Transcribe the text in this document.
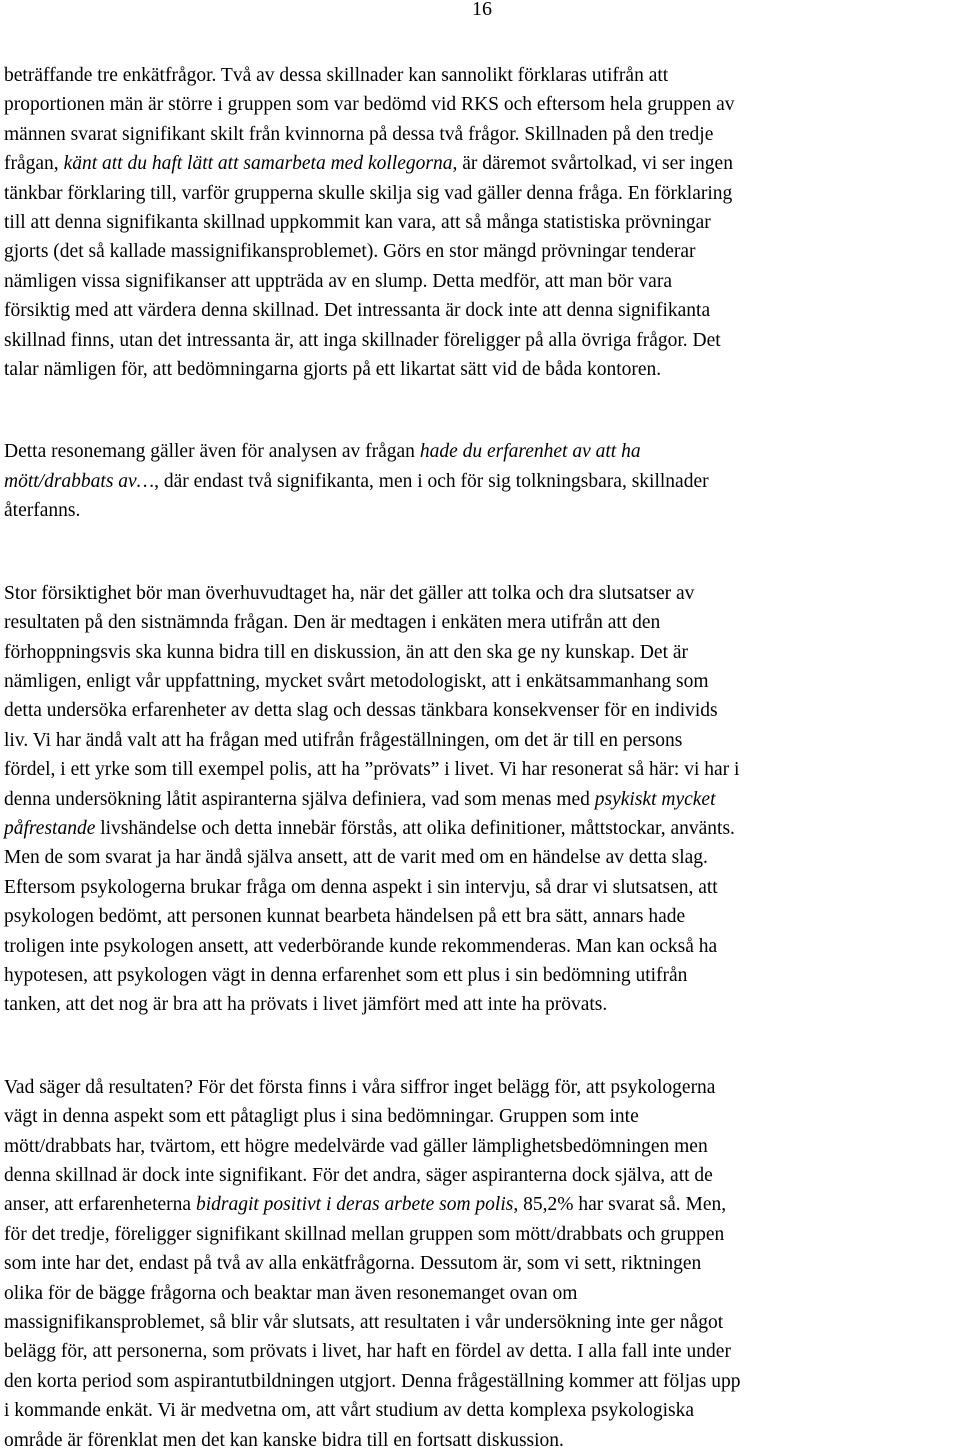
16

beträffande tre enkätfrågor. Två av dessa skillnader kan sannolikt förklaras utifrån att
proportionen män är större i gruppen som var bedömd vid RKS och eftersom hela gruppen av
männen svarat signifikant skilt från kvinnorna på dessa två frågor. Skillnaden på den tredje
frågan, känt att du haft lätt att samarbeta med kollegorna, är däremot svårtolkad, vi ser ingen
tänkbar förklaring till, varför grupperna skulle skilja sig vad gäller denna fråga. En förklaring
till att denna signifikanta skillnad uppkommit kan vara, att så många statistiska prövningar
gjorts (det så kallade massignifikansproblemet). Görs en stor mängd prövningar tenderar
nämligen vissa signifikanser att uppträda av en slump. Detta medför, att man bör vara
försiktig med att värdera denna skillnad. Det intressanta är dock inte att denna signifikanta
skillnad finns, utan det intressanta är, att inga skillnader föreligger på alla övriga frågor. Det
talar nämligen för, att bedömningarna gjorts på ett likartat sätt vid de båda kontoren.

Detta resonemang gäller även för analysen av frågan hade du erfarenhet av att ha
mött/drabbats av…, där endast två signifikanta, men i och för sig tolkningsbara, skillnader
återfanns.

Stor försiktighet bör man överhuvudtaget ha, när det gäller att tolka och dra slutsatser av
resultaten på den sistnämnda frågan. Den är medtagen i enkäten mera utifrån att den
förhoppningsvis ska kunna bidra till en diskussion, än att den ska ge ny kunskap. Det är
nämligen, enligt vår uppfattning, mycket svårt metodologiskt, att i enkätsammanhang som
detta undersöka erfarenheter av detta slag och dessas tänkbara konsekvenser för en individs
liv. Vi har ändå valt att ha frågan med utifrån frågeställningen, om det är till en persons
fördel, i ett yrke som till exempel polis, att ha ”prövats” i livet. Vi har resonerat så här: vi har i
denna undersökning låtit aspiranterna själva definiera, vad som menas med psykiskt mycket
påfrestande livshändelse och detta innebär förstås, att olika definitioner, måttstockar, använts.
Men de som svarat ja har ändå själva ansett, att de varit med om en händelse av detta slag.
Eftersom psykologerna brukar fråga om denna aspekt i sin intervju, så drar vi slutsatsen, att
psykologen bedömt, att personen kunnat bearbeta händelsen på ett bra sätt, annars hade
troligen inte psykologen ansett, att vederbörande kunde rekommenderas. Man kan också ha
hypotesen, att psykologen vägt in denna erfarenhet som ett plus i sin bedömning utifrån
tanken, att det nog är bra att ha prövats i livet jämfört med att inte ha prövats.

Vad säger då resultaten? För det första finns i våra siffror inget belägg för, att psykologerna
vägt in denna aspekt som ett påtagligt plus i sina bedömningar. Gruppen som inte
mött/drabbats har, tvärtom, ett högre medelvärde vad gäller lämplighetsbedömningen men
denna skillnad är dock inte signifikant. För det andra, säger aspiranterna dock själva, att de
anser, att erfarenheterna bidragit positivt i deras arbete som polis, 85,2% har svarat så. Men,
för det tredje, föreligger signifikant skillnad mellan gruppen som mött/drabbats och gruppen
som inte har det, endast på två av alla enkätfrågorna. Dessutom är, som vi sett, riktningen
olika för de bägge frågorna och beaktar man även resonemanget ovan om
massignifikansproblemet, så blir vår slutsats, att resultaten i vår undersökning inte ger något
belägg för, att personerna, som prövats i livet, har haft en fördel av detta. I alla fall inte under
den korta period som aspirantutbildningen utgjort. Denna frågeställning kommer att följas upp
i kommande enkät. Vi är medvetna om, att vårt studium av detta komplexa psykologiska
område är förenklat men det kan kanske bidra till en fortsatt diskussion.
